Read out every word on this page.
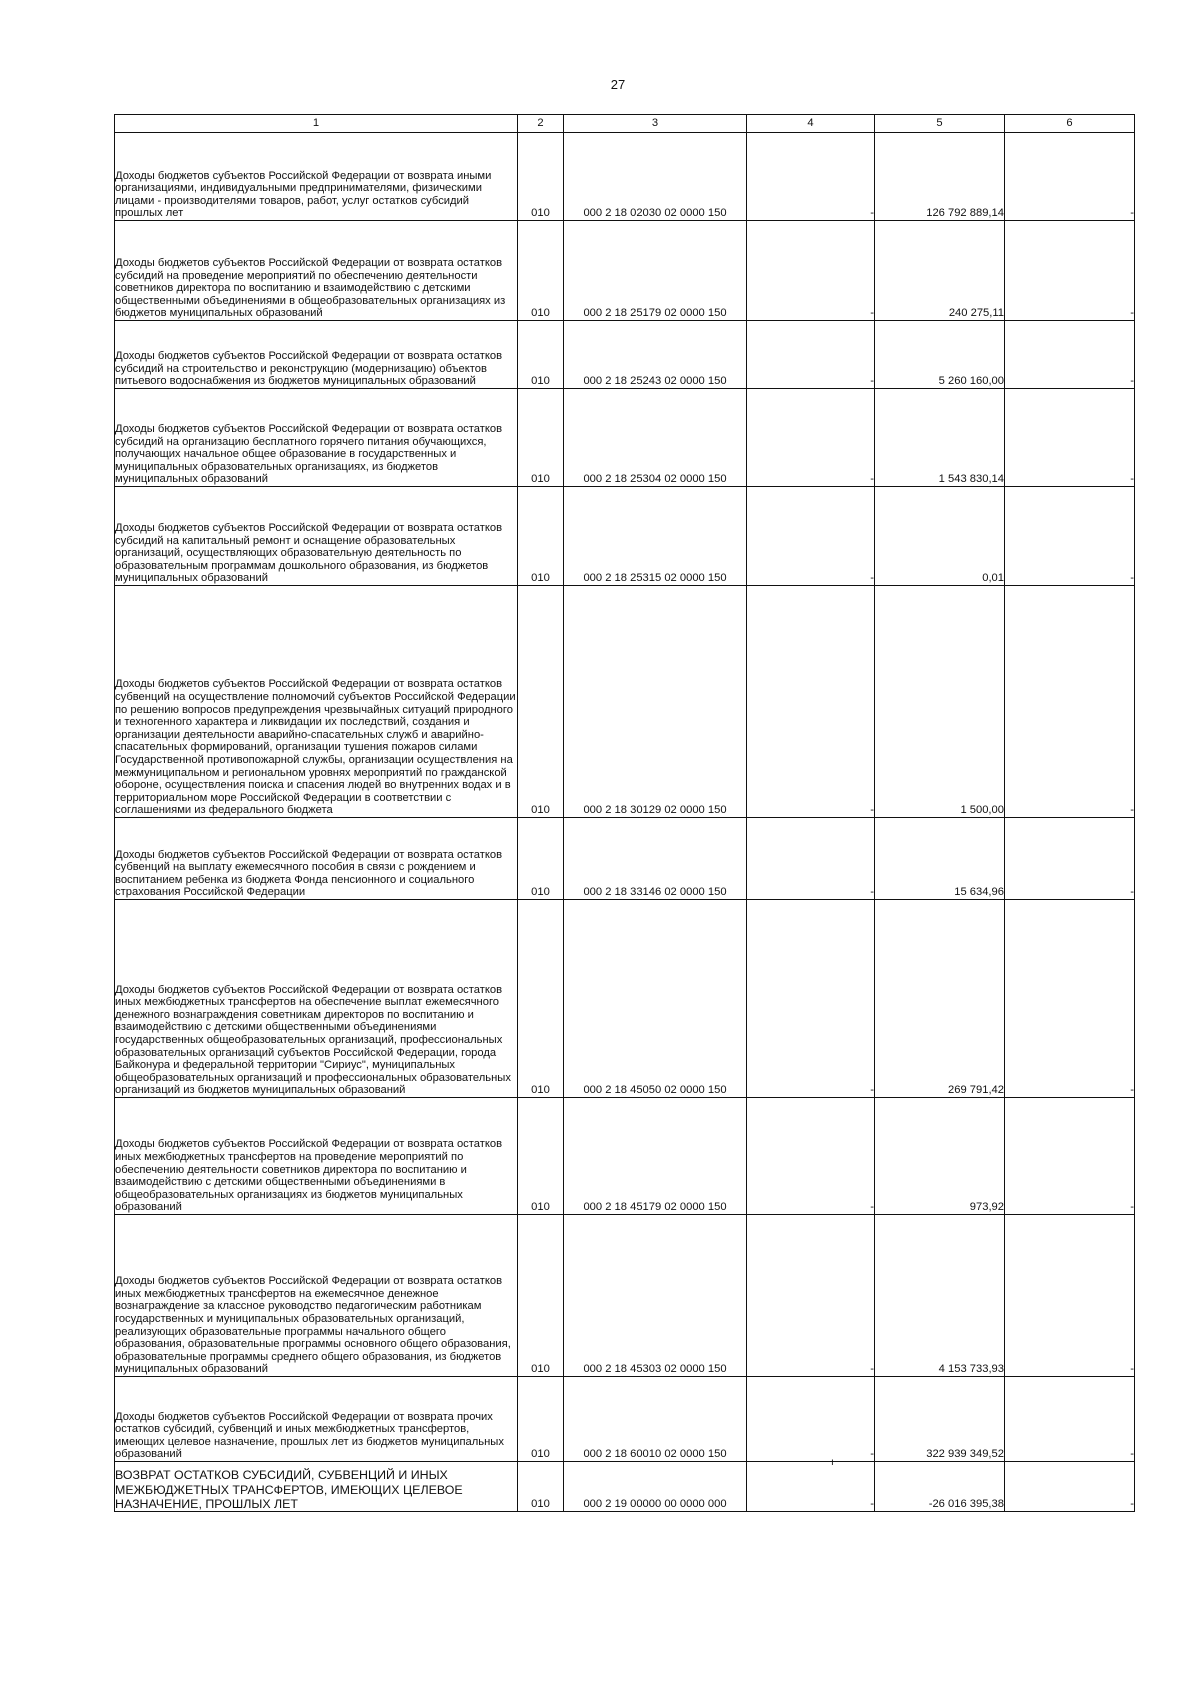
27
1	2	3	4	5	6
Доходы бюджетов субъектов Российской Федерации от возврата иными организациями, индивидуальными предпринимателями, физическими лицами - производителями товаров, работ, услуг остатков субсидий прошлых лет	010	000 2 18 02030 02 0000 150	-	126 792 889,14	-
Доходы бюджетов субъектов Российской Федерации от возврата остатков субсидий на проведение мероприятий по обеспечению деятельности советников директора по воспитанию и взаимодействию с детскими общественными объединениями в общеобразовательных организациях из бюджетов муниципальных образований	010	000 2 18 25179 02 0000 150	-	240 275,11	-
Доходы бюджетов субъектов Российской Федерации от возврата остатков субсидий на строительство и реконструкцию (модернизацию) объектов питьевого водоснабжения из бюджетов муниципальных образований	010	000 2 18 25243 02 0000 150	-	5 260 160,00	-
Доходы бюджетов субъектов Российской Федерации от возврата остатков субсидий на организацию бесплатного горячего питания обучающихся, получающих начальное общее образование в государственных и муниципальных образовательных организациях, из бюджетов муниципальных образований	010	000 2 18 25304 02 0000 150	-	1 543 830,14	-
Доходы бюджетов субъектов Российской Федерации от возврата остатков субсидий на капитальный ремонт и оснащение образовательных организаций, осуществляющих образовательную деятельность по образовательным программам дошкольного образования, из бюджетов муниципальных образований	010	000 2 18 25315 02 0000 150	-	0,01	-
Доходы бюджетов субъектов Российской Федерации от возврата остатков субвенций на осуществление полномочий субъектов Российской Федерации по решению вопросов предупреждения чрезвычайных ситуаций природного и техногенного характера и ликвидации их последствий, создания и организации деятельности аварийно-спасательных служб и аварийно-спасательных формирований, организации тушения пожаров силами Государственной противопожарной службы, организации осуществления на межмуниципальном и региональном уровнях мероприятий по гражданской обороне, осуществления поиска и спасения людей во внутренних водах и в территориальном море Российской Федерации в соответствии с соглашениями из федерального бюджета	010	000 2 18 30129 02 0000 150	-	1 500,00	-
Доходы бюджетов субъектов Российской Федерации от возврата остатков субвенций на выплату ежемесячного пособия в связи с рождением и воспитанием ребенка из бюджета Фонда пенсионного и социального страхования Российской Федерации	010	000 2 18 33146 02 0000 150	-	15 634,96	-
Доходы бюджетов субъектов Российской Федерации от возврата остатков иных межбюджетных трансфертов на обеспечение выплат ежемесячного денежного вознаграждения советникам директоров по воспитанию и взаимодействию с детскими общественными объединениями государственных общеобразовательных организаций, профессиональных образовательных организаций субъектов Российской Федерации, города Байконура и федеральной территории "Сириус", муниципальных общеобразовательных организаций и профессиональных образовательных организаций из бюджетов муниципальных образований	010	000 2 18 45050 02 0000 150	-	269 791,42	-
Доходы бюджетов субъектов Российской Федерации от возврата остатков иных межбюджетных трансфертов на проведение мероприятий по обеспечению деятельности советников директора по воспитанию и взаимодействию с детскими общественными объединениями в общеобразовательных организациях из бюджетов муниципальных образований	010	000 2 18 45179 02 0000 150	-	973,92	-
Доходы бюджетов субъектов Российской Федерации от возврата остатков иных межбюджетных трансфертов на ежемесячное денежное вознаграждение за классное руководство педагогическим работникам государственных и муниципальных образовательных организаций, реализующих образовательные программы начального общего образования, образовательные программы основного общего образования, образовательные программы среднего общего образования, из бюджетов муниципальных образований	010	000 2 18 45303 02 0000 150	-	4 153 733,93	-
Доходы бюджетов субъектов Российской Федерации от возврата прочих остатков субсидий, субвенций и иных межбюджетных трансфертов, имеющих целевое назначение, прошлых лет из бюджетов муниципальных образований	010	000 2 18 60010 02 0000 150	-	322 939 349,52	-
ВОЗВРАТ ОСТАТКОВ СУБСИДИЙ, СУБВЕНЦИЙ И ИНЫХ МЕЖБЮДЖЕТНЫХ ТРАНСФЕРТОВ, ИМЕЮЩИХ ЦЕЛЕВОЕ НАЗНАЧЕНИЕ, ПРОШЛЫХ ЛЕТ	010	000 2 19 00000 00 0000 000	-	-26 016 395,38	-
ı
